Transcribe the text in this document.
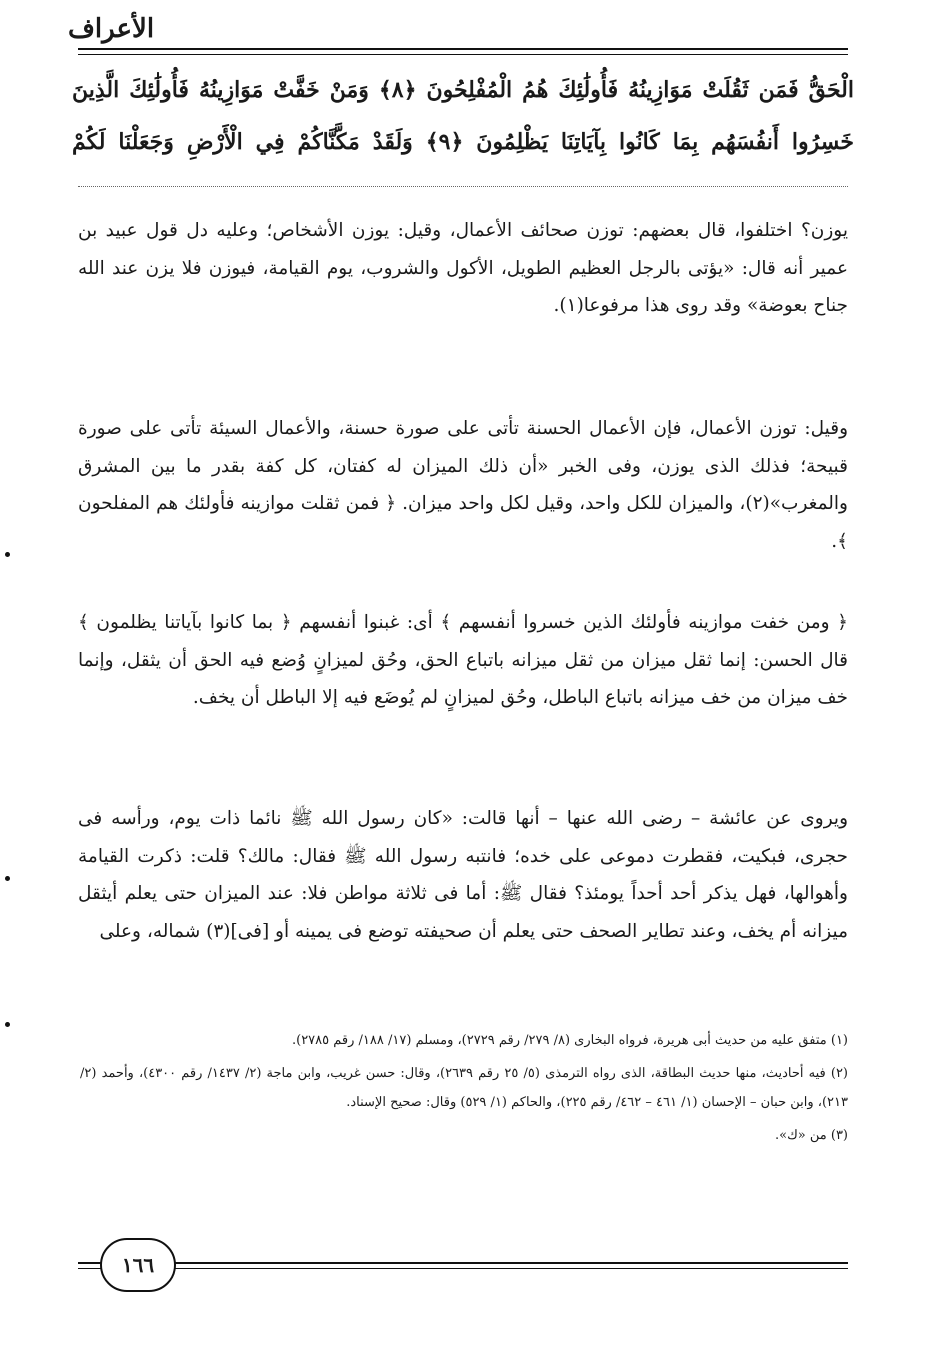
الأعراف
الْحَقُّ فَمَن ثَقُلَتْ مَوَازِينُهُ فَأُولَٰئِكَ هُمُ الْمُفْلِحُونَ ﴿٨﴾ وَمَنْ خَفَّتْ مَوَازِينُهُ فَأُولَٰئِكَ الَّذِينَ
خَسِرُوا أَنفُسَهُم بِمَا كَانُوا بِآيَاتِنَا يَظْلِمُونَ ﴿٩﴾ وَلَقَدْ مَكَّنَّاكُمْ فِي الْأَرْضِ وَجَعَلْنَا لَكُمْ

يوزن؟ اختلفوا، قال بعضهم: توزن صحائف الأعمال، وقيل: يوزن الأشخاص؛ وعليه دل قول عبيد بن عمير أنه قال: «يؤتى بالرجل العظيم الطويل، الأكول والشروب، يوم القيامة، فيوزن فلا يزن عند الله جناح بعوضة» وقد روى هذا مرفوعا(١).

وقيل: توزن الأعمال، فإن الأعمال الحسنة تأتى على صورة حسنة، والأعمال السيئة تأتى على صورة قبيحة؛ فذلك الذى يوزن، وفى الخبر «أن ذلك الميزان له كفتان، كل كفة بقدر ما بين المشرق والمغرب»(٢)، والميزان للكل واحد، وقيل لكل واحد ميزان. ﴿ فمن ثقلت موازينه فأولئك هم المفلحون ﴾.

﴿ ومن خفت موازينه فأولئك الذين خسروا أنفسهم ﴾ أى: غبنوا أنفسهم ﴿ بما كانوا بآياتنا يظلمون ﴾ قال الحسن: إنما ثقل ميزان من ثقل ميزانه باتباع الحق، وحُق لميزانٍ وُضع فيه الحق أن يثقل، وإنما خف ميزان من خف ميزانه باتباع الباطل، وحُق لميزانٍ لم يُوضَع فيه إلا الباطل أن يخف.

ويروى عن عائشة – رضى الله عنها – أنها قالت: «كان رسول الله ﷺ نائما ذات يوم، ورأسه فى حجرى، فبكيت، فقطرت دموعى على خده؛ فانتبه رسول الله ﷺ فقال: مالك؟ قلت: ذكرت القيامة وأهوالها، فهل يذكر أحد أحداً يومئذ؟ فقال ﷺ: أما فى ثلاثة مواطن فلا: عند الميزان حتى يعلم أيثقل ميزانه أم يخف، وعند تطاير الصحف حتى يعلم أن صحيفته توضع فى يمينه أو [فى](٣) شماله، وعلى

(١) متفق عليه من حديث أبى هريرة، فرواه البخارى (٨/ ٢٧٩/ رقم ٢٧٢٩)، ومسلم (١٧/ ١٨٨/ رقم ٢٧٨٥).

(٢) فيه أحاديث، منها حديث البطاقة، الذى رواه الترمذى (٥/ ٢٥ رقم ٢٦٣٩)، وقال: حسن غريب، وابن ماجة (٢/ ١٤٣٧/ رقم ٤٣٠٠)، وأحمد (٢/ ٢١٣)، وابن حبان – الإحسان (١/ ٤٦١ – ٤٦٢/ رقم ٢٢٥)، والحاكم (١/ ٥٢٩) وقال: صحيح الإسناد.

(٣) من «ك».

١٦٦
